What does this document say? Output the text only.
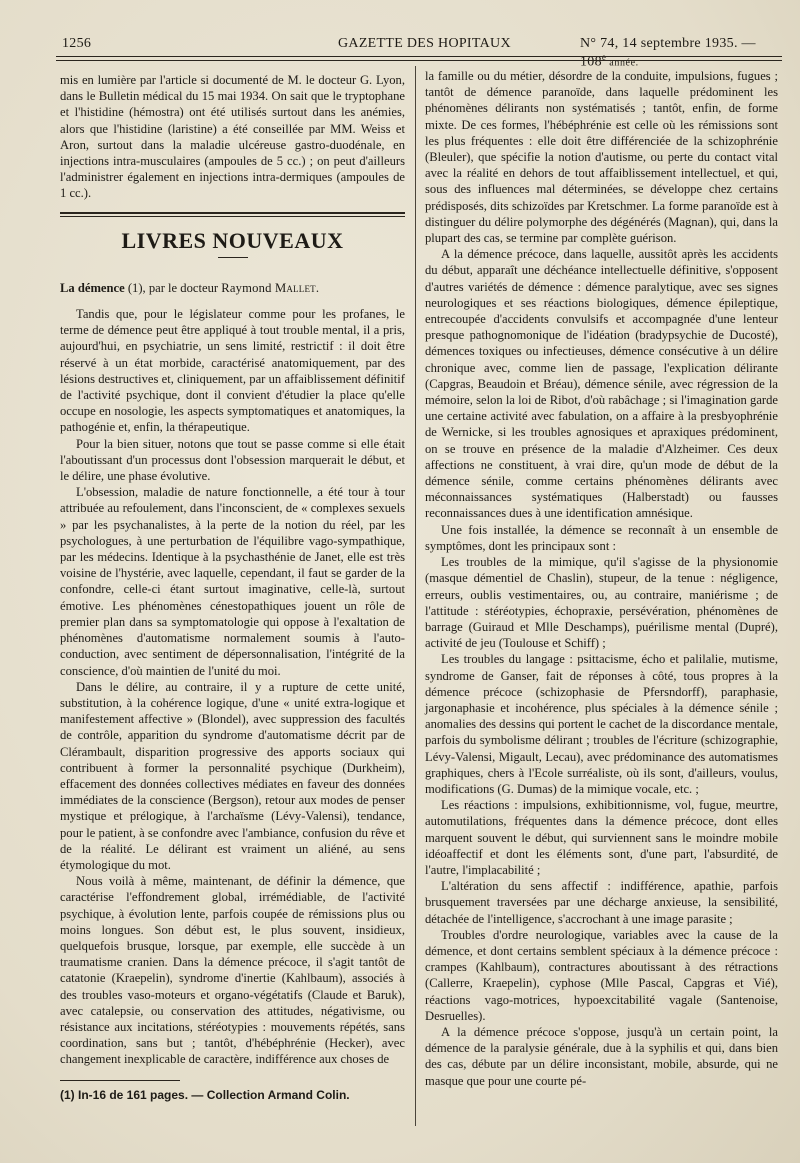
1256	GAZETTE DES HOPITAUX	N° 74, 14 septembre 1935. — 108e année.

mis en lumière par l'article si documenté de M. le docteur G. Lyon, dans le Bulletin médical du 15 mai 1934. On sait que le tryptophane et l'histidine (hémostra) ont été utilisés surtout dans les anémies, alors que l'histidine (laristine) a été conseillée par MM. Weiss et Aron, surtout dans la maladie ulcéreuse gastro-duodénale, en injections intra-musculaires (ampoules de 5 cc.) ; on peut d'ailleurs l'administrer également en injections intra-dermiques (ampoules de 1 cc.).

LIVRES NOUVEAUX

La démence (1), par le docteur Raymond Mallet.

Tandis que, pour le législateur comme pour les profanes, le terme de démence peut être appliqué à tout trouble mental, il a pris, aujourd'hui, en psychiatrie, un sens limité, restrictif : il doit être réservé à un état morbide, caractérisé anatomiquement, par des lésions destructives et, cliniquement, par un affaiblissement définitif de l'activité psychique, dont il convient d'étudier la place qu'elle occupe en nosologie, les aspects symptomatiques et anatomiques, la pathogénie et, enfin, la thérapeutique.

Pour la bien situer, notons que tout se passe comme si elle était l'aboutissant d'un processus dont l'obsession marquerait le début, et le délire, une phase évolutive.

L'obsession, maladie de nature fonctionnelle, a été tour à tour attribuée au refoulement, dans l'inconscient, de « complexes sexuels » par les psychanalistes, à la perte de la notion du réel, par les psychologues, à une perturbation de l'équilibre vago-sympathique, par les médecins. Identique à la psychasthénie de Janet, elle est très voisine de l'hystérie, avec laquelle, cependant, il faut se garder de la confondre, celle-ci étant surtout imaginative, celle-là, surtout émotive. Les phénomènes cénestopathiques jouent un rôle de premier plan dans sa symptomatologie qui oppose à l'exaltation de phénomènes d'automatisme normalement soumis à l'auto-conduction, avec sentiment de dépersonnalisation, l'intégrité de la conscience, d'où maintien de l'unité du moi.

Dans le délire, au contraire, il y a rupture de cette unité, substitution, à la cohérence logique, d'une « unité extra-logique et manifestement affective » (Blondel), avec suppression des facultés de contrôle, apparition du syndrome d'automatisme décrit par de Clérambault, disparition progressive des apports sociaux qui contribuent à former la personnalité psychique (Durkheim), effacement des données collectives médiates en faveur des données immédiates de la conscience (Bergson), retour aux modes de penser mystique et prélogique, à l'archaïsme (Lévy-Valensi), tendance, pour le patient, à se confondre avec l'ambiance, confusion du rêve et de la réalité. Le délirant est vraiment un aliéné, au sens étymologique du mot.

Nous voilà à même, maintenant, de définir la démence, que caractérise l'effondrement global, irrémédiable, de l'activité psychique, à évolution lente, parfois coupée de rémissions plus ou moins longues. Son début est, le plus souvent, insidieux, quelquefois brusque, lorsque, par exemple, elle succède à un traumatisme cranien. Dans la démence précoce, il s'agit tantôt de catatonie (Kraepelin), syndrome d'inertie (Kahlbaum), associés à des troubles vaso-moteurs et organo-végétatifs (Claude et Baruk), avec catalepsie, ou conservation des attitudes, négativisme, ou résistance aux incitations, stéréotypies : mouvements répétés, sans coordination, sans but ; tantôt, d'hébéphrénie (Hecker), avec changement inexplicable de caractère, indifférence aux choses de

(1) In-16 de 161 pages. — Collection Armand Colin.

la famille ou du métier, désordre de la conduite, impulsions, fugues ; tantôt de démence paranoïde, dans laquelle prédominent les phénomènes délirants non systématisés ; tantôt, enfin, de forme mixte. De ces formes, l'hébéphrénie est celle où les rémissions sont les plus fréquentes : elle doit être différenciée de la schizophrénie (Bleuler), que spécifie la notion d'autisme, ou perte du contact vital avec la réalité en dehors de tout affaiblissement intellectuel, et qui, sous des influences mal déterminées, se développe chez certains prédisposés, dits schizoïdes par Kretschmer. La forme paranoïde est à distinguer du délire polymorphe des dégénérés (Magnan), qui, dans la plupart des cas, se termine par complète guérison.

A la démence précoce, dans laquelle, aussitôt après les accidents du début, apparaît une déchéance intellectuelle définitive, s'opposent d'autres variétés de démence : démence paralytique, avec ses signes neurologiques et ses réactions biologiques, démence épileptique, entrecoupée d'accidents convulsifs et accompagnée d'une lenteur presque pathognomonique de l'idéation (bradypsychie de Ducosté), démences toxiques ou infectieuses, démence consécutive à un délire chronique avec, comme lien de passage, l'explication délirante (Capgras, Beaudoin et Bréau), démence sénile, avec régression de la mémoire, selon la loi de Ribot, d'où rabâchage ; si l'imagination garde une certaine activité avec fabulation, on a affaire à la presbyophrénie de Wernicke, si les troubles agnosiques et apraxiques prédominent, on se trouve en présence de la maladie d'Alzheimer. Ces deux affections ne constituent, à vrai dire, qu'un mode de début de la démence sénile, comme certains phénomènes délirants avec méconnaissances systématiques (Halberstadt) ou fausses reconnaissances dues à une identification amnésique.

Une fois installée, la démence se reconnaît à un ensemble de symptômes, dont les principaux sont :

Les troubles de la mimique, qu'il s'agisse de la physionomie (masque démentiel de Chaslin), stupeur, de la tenue : négligence, erreurs, oublis vestimentaires, ou, au contraire, maniérisme ; de l'attitude : stéréotypies, échopraxie, persévération, phénomènes de barrage (Guiraud et Mlle Deschamps), puérilisme mental (Dupré), activité de jeu (Toulouse et Schiff) ;

Les troubles du langage : psittacisme, écho et palilalie, mutisme, syndrome de Ganser, fait de réponses à côté, tous propres à la démence précoce (schizophasie de Pfersndorff), paraphasie, jargonaphasie et incohérence, plus spéciales à la démence sénile ; anomalies des dessins qui portent le cachet de la discordance mentale, parfois du symbolisme délirant ; troubles de l'écriture (schizographie, Lévy-Valensi, Migault, Lecau), avec prédominance des automatismes graphiques, chers à l'Ecole surréaliste, où ils sont, d'ailleurs, voulus, modifications (G. Dumas) de la mimique vocale, etc. ;

Les réactions : impulsions, exhibitionnisme, vol, fugue, meurtre, automutilations, fréquentes dans la démence précoce, dont elles marquent souvent le début, qui surviennent sans le moindre mobile idéoaffectif et dont les éléments sont, d'une part, l'absurdité, de l'autre, l'implacabilité ;

L'altération du sens affectif : indifférence, apathie, parfois brusquement traversées par une décharge anxieuse, la sensibilité, détachée de l'intelligence, s'accrochant à une image parasite ;

Troubles d'ordre neurologique, variables avec la cause de la démence, et dont certains semblent spéciaux à la démence précoce : crampes (Kahlbaum), contractures aboutissant à des rétractions (Callerre, Kraepelin), cyphose (Mlle Pascal, Capgras et Vié), réactions vago-motrices, hypoexcitabilité vagale (Santenoise, Desruelles).

A la démence précoce s'oppose, jusqu'à un certain point, la démence de la paralysie générale, due à la syphilis et qui, dans bien des cas, débute par un délire inconsistant, mobile, absurde, qui ne masque que pour une courte pé-
